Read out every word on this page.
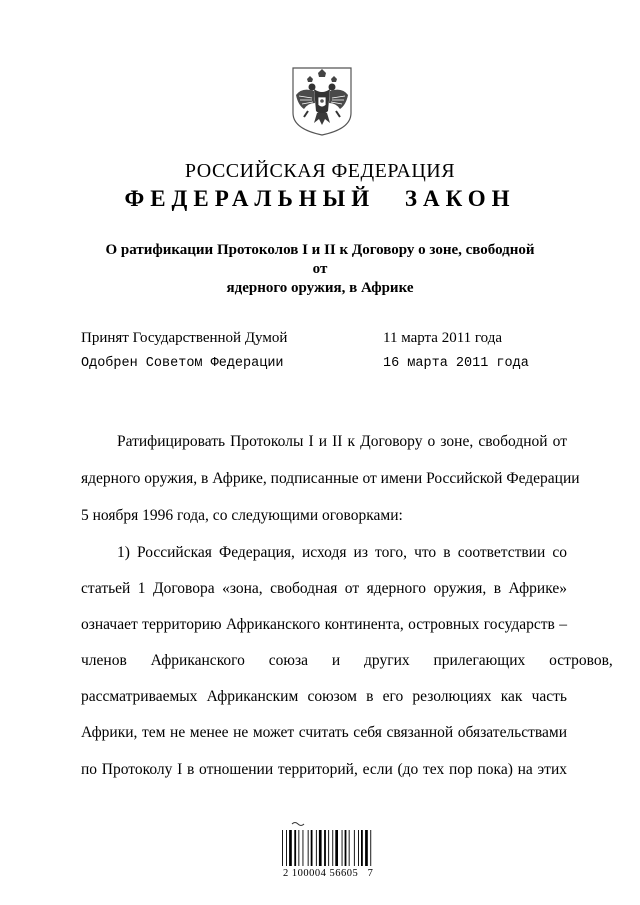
РОССИЙСКАЯ ФЕДЕРАЦИЯ
ФЕДЕРАЛЬНЫЙ ЗАКОН
О ратификации Протоколов I и II к Договору о зоне, свободной от
ядерного оружия, в Африке
Принят Государственной Думой	11 марта 2011 года
Одобрен Советом Федерации	16 марта 2011 года
Ратифицировать Протоколы I и II к Договору о зоне, свободной от
ядерного оружия, в Африке, подписанные от имени Российской Федерации
5 ноября 1996 года, со следующими оговорками:
1) Российская Федерация, исходя из того, что в соответствии со
статьей 1 Договора «зона, свободная от ядерного оружия, в Африке»
означает территорию Африканского континента, островных государств –
членов Африканского союза и других прилегающих островов,
рассматриваемых Африканским союзом в его резолюциях как часть
Африки, тем не менее не может считать себя связанной обязательствами
по Протоколу I в отношении территорий, если (до тех пор пока) на этих
2 100004 56605   7
